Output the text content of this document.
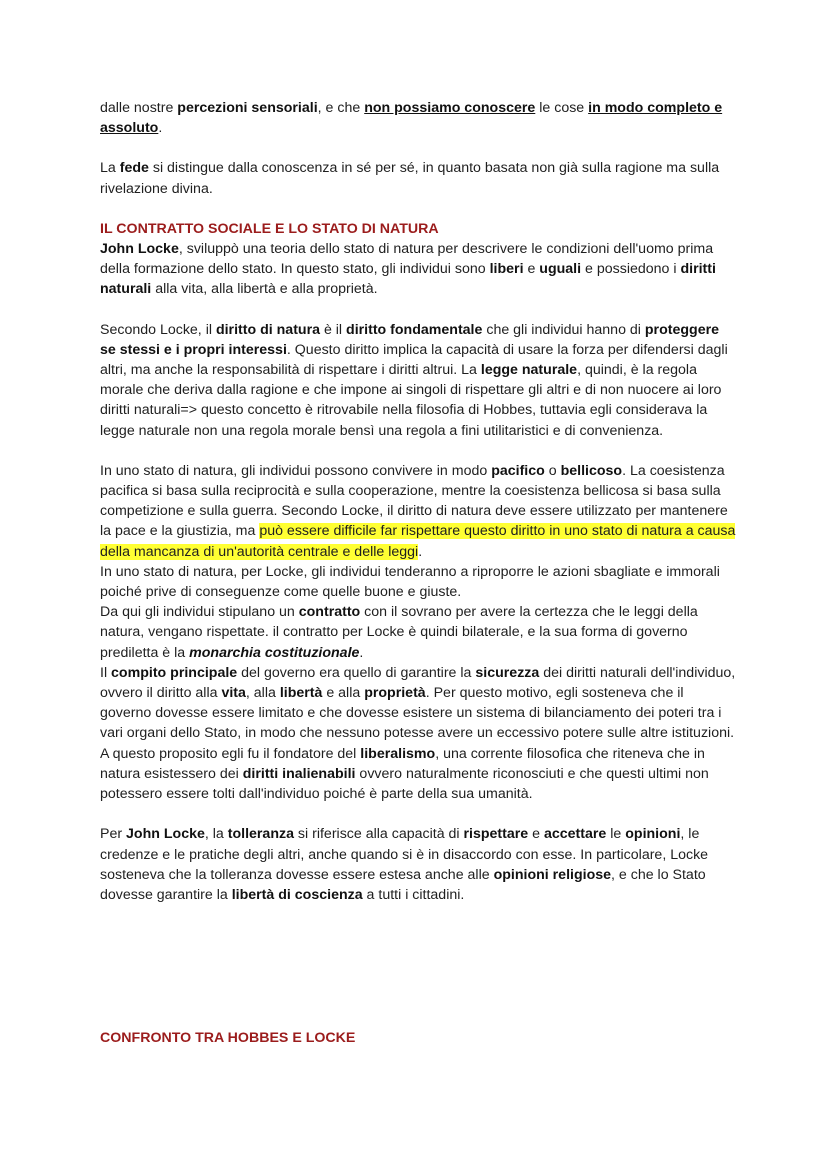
dalle nostre percezioni sensoriali, e che non possiamo conoscere le cose in modo completo e assoluto.

La fede si distingue dalla conoscenza in sé per sé, in quanto basata non già sulla ragione ma sulla rivelazione divina.

IL CONTRATTO SOCIALE E LO STATO DI NATURA

John Locke, sviluppò una teoria dello stato di natura per descrivere le condizioni dell'uomo prima della formazione dello stato. In questo stato, gli individui sono liberi e uguali e possiedono i diritti naturali alla vita, alla libertà e alla proprietà.

Secondo Locke, il diritto di natura è il diritto fondamentale che gli individui hanno di proteggere se stessi e i propri interessi. Questo diritto implica la capacità di usare la forza per difendersi dagli altri, ma anche la responsabilità di rispettare i diritti altrui. La legge naturale, quindi, è la regola morale che deriva dalla ragione e che impone ai singoli di rispettare gli altri e di non nuocere ai loro diritti naturali=> questo concetto è ritrovabile nella filosofia di Hobbes, tuttavia egli considerava la legge naturale non una regola morale bensì una regola a fini utilitaristici e di convenienza.

In uno stato di natura, gli individui possono convivere in modo pacifico o bellicoso. La coesistenza pacifica si basa sulla reciprocità e sulla cooperazione, mentre la coesistenza bellicosa si basa sulla competizione e sulla guerra. Secondo Locke, il diritto di natura deve essere utilizzato per mantenere la pace e la giustizia, ma può essere difficile far rispettare questo diritto in uno stato di natura a causa della mancanza di un'autorità centrale e delle leggi.

In uno stato di natura, per Locke, gli individui tenderanno a riproporre le azioni sbagliate e immorali poiché prive di conseguenze come quelle buone e giuste.

Da qui gli individui stipulano un contratto con il sovrano per avere la certezza che le leggi della natura, vengano rispettate. il contratto per Locke è quindi bilaterale, e la sua forma di governo prediletta è la monarchia costituzionale.

Il compito principale del governo era quello di garantire la sicurezza dei diritti naturali dell'individuo, ovvero il diritto alla vita, alla libertà e alla proprietà. Per questo motivo, egli sosteneva che il governo dovesse essere limitato e che dovesse esistere un sistema di bilanciamento dei poteri tra i vari organi dello Stato, in modo che nessuno potesse avere un eccessivo potere sulle altre istituzioni. A questo proposito egli fu il fondatore del liberalismo, una corrente filosofica che riteneva che in natura esistessero dei diritti inalienabili ovvero naturalmente riconosciuti e che questi ultimi non potessero essere tolti dall'individuo poiché è parte della sua umanità.

Per John Locke, la tolleranza si riferisce alla capacità di rispettare e accettare le opinioni, le credenze e le pratiche degli altri, anche quando si è in disaccordo con esse. In particolare, Locke sosteneva che la tolleranza dovesse essere estesa anche alle opinioni religiose, e che lo Stato dovesse garantire la libertà di coscienza a tutti i cittadini.

CONFRONTO TRA HOBBES E LOCKE
